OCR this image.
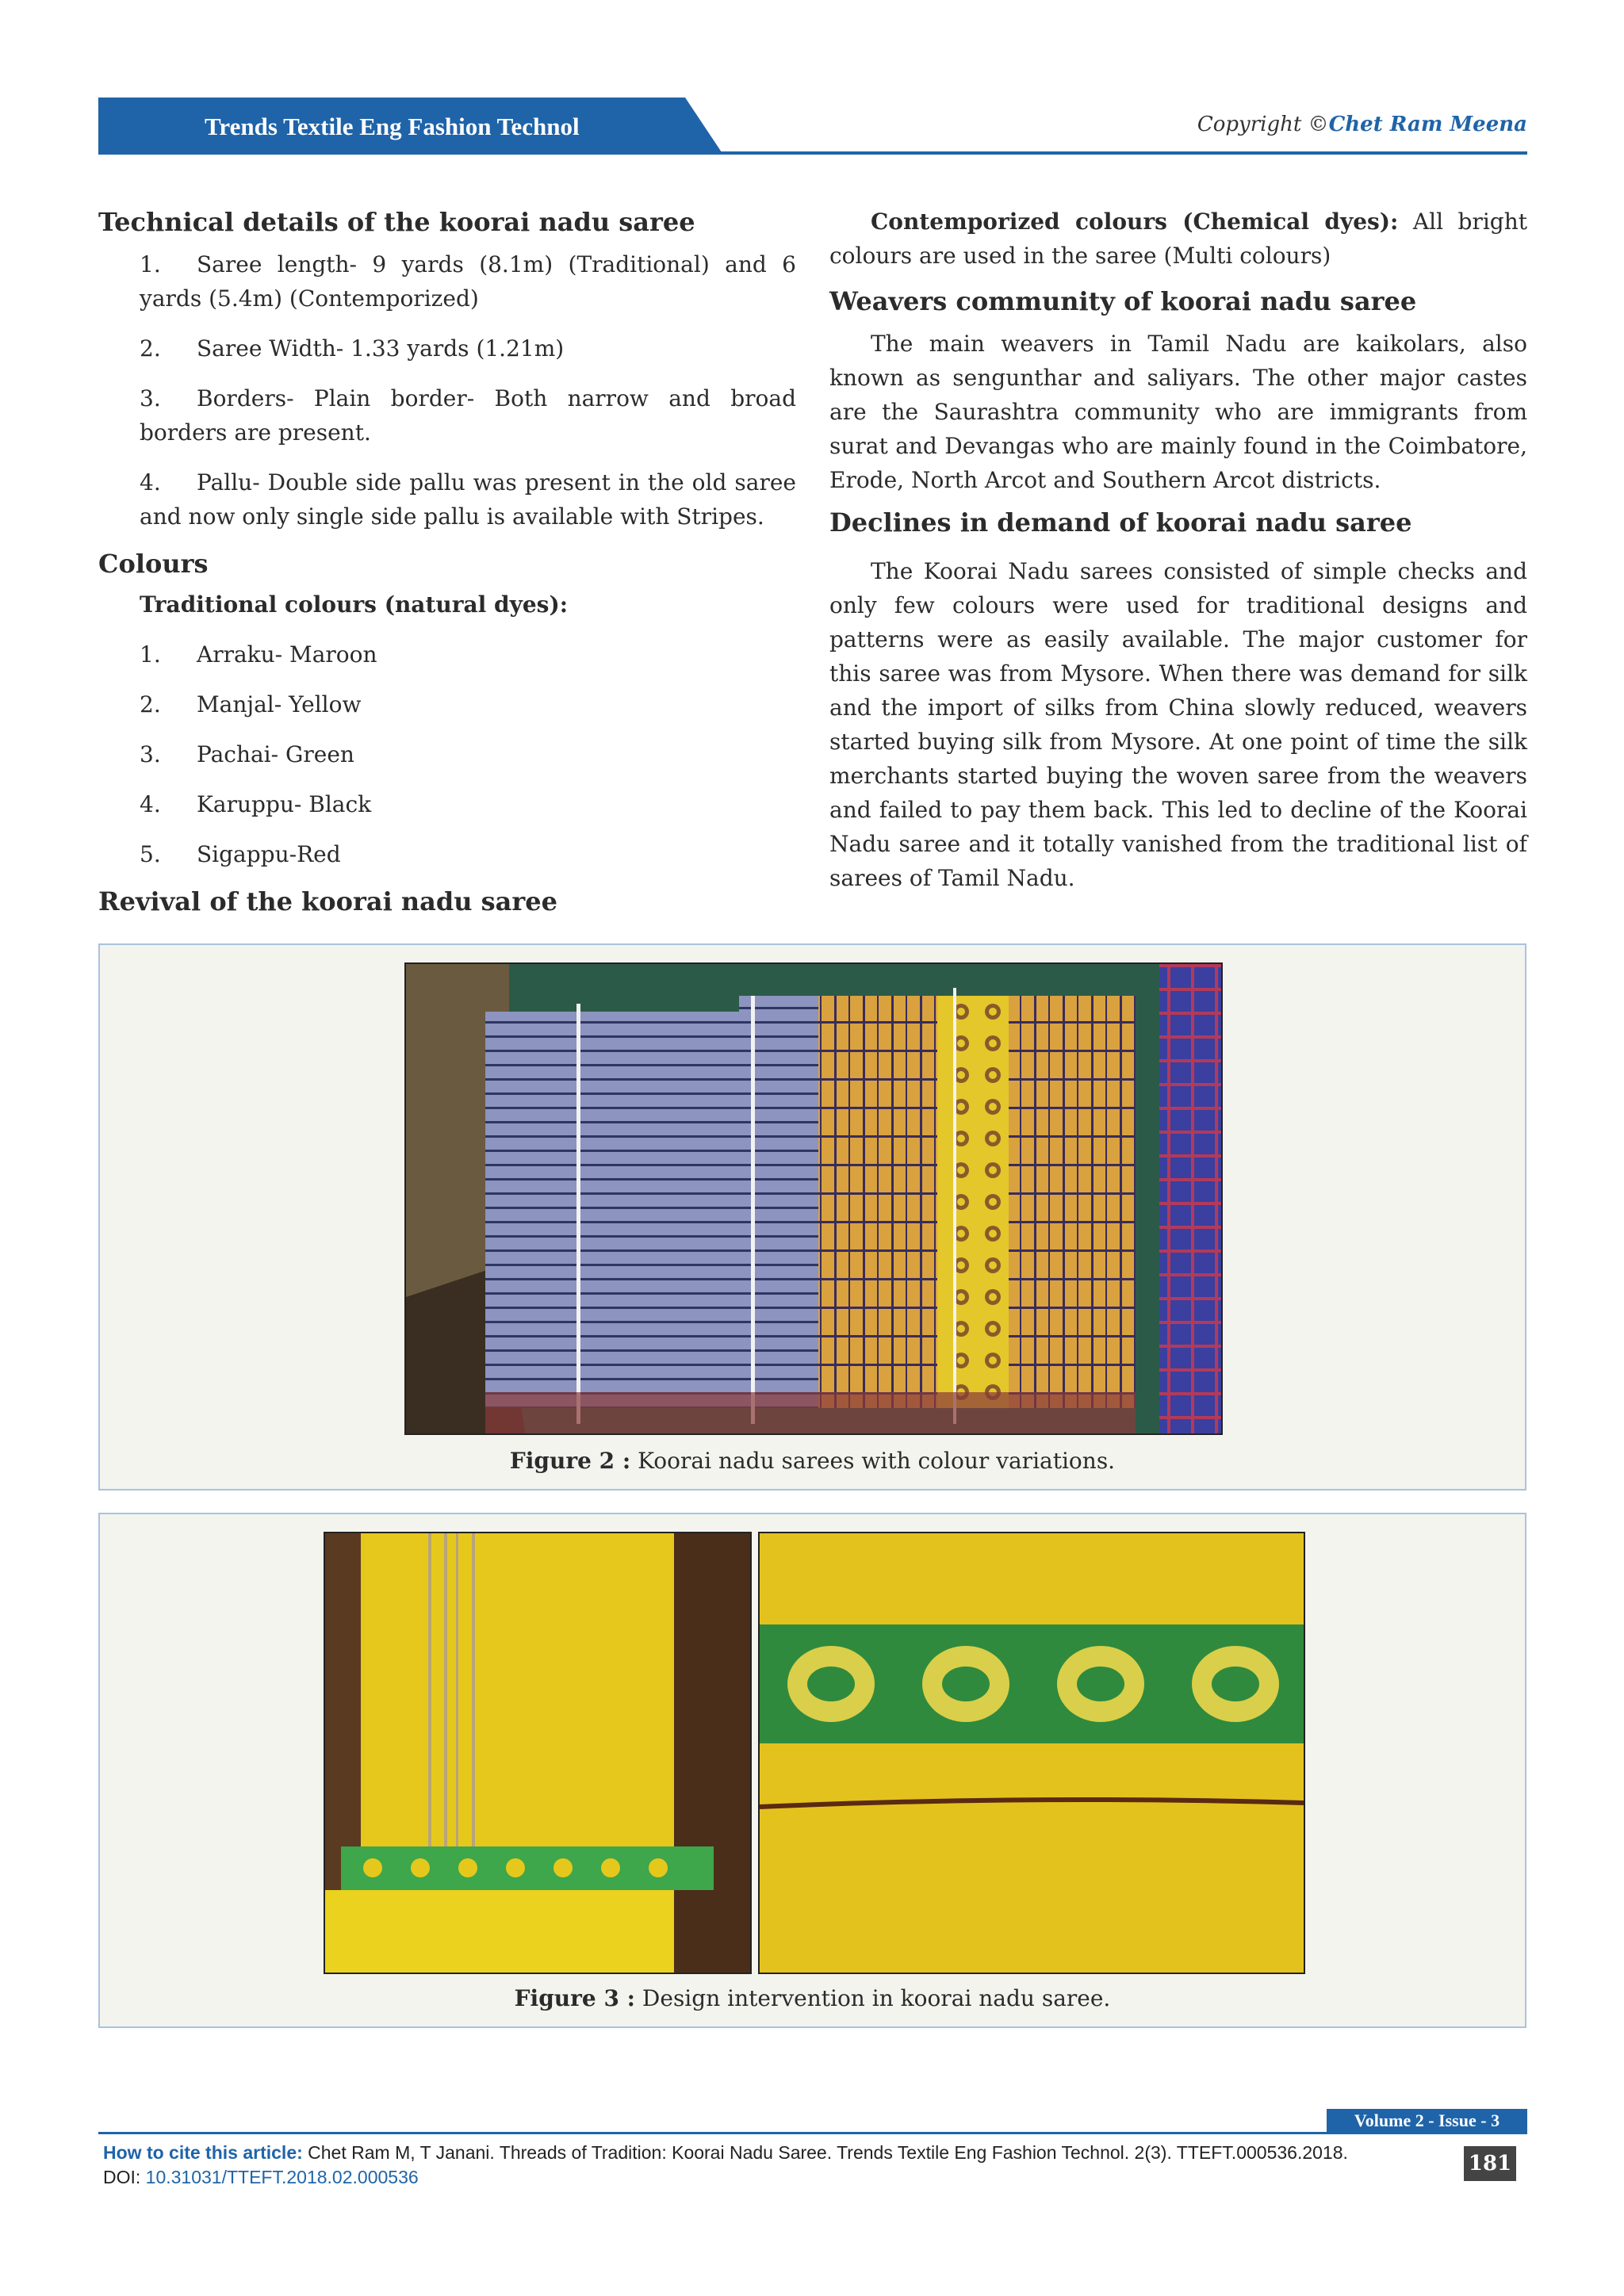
Trends Textile Eng Fashion Technol	Copyright ©Chet Ram Meena
Technical details of the koorai nadu saree

1. Saree length- 9 yards (8.1m) (Traditional) and 6 yards (5.4m) (Contemporized)

2. Saree Width- 1.33 yards (1.21m)

3. Borders- Plain border- Both narrow and broad borders are present.

4. Pallu- Double side pallu was present in the old saree and now only single side pallu is available with Stripes.

Colours

Traditional colours (natural dyes):

1. Arraku- Maroon

2. Manjal- Yellow

3. Pachai- Green

4. Karuppu- Black

5. Sigappu-Red

Revival of the koorai nadu saree

Contemporized colours (Chemical dyes): All bright colours are used in the saree (Multi colours)

Weavers community of koorai nadu saree

The main weavers in Tamil Nadu are kaikolars, also known as sengunthar and saliyars. The other major castes are the Saurashtra community who are immigrants from surat and Devangas who are mainly found in the Coimbatore, Erode, North Arcot and Southern Arcot districts.

Declines in demand of koorai nadu saree

The Koorai Nadu sarees consisted of simple checks and only few colours were used for traditional designs and patterns were as easily available. The major customer for this saree was from Mysore. When there was demand for silk and the import of silks from China slowly reduced, weavers started buying silk from Mysore. At one point of time the silk merchants started buying the woven saree from the weavers and failed to pay them back. This led to decline of the Koorai Nadu saree and it totally vanished from the traditional list of sarees of Tamil Nadu.

Figure 2 : Koorai nadu sarees with colour variations.
Figure 3 : Design intervention in koorai nadu saree.
Volume 2 - Issue - 3
How to cite this article: Chet Ram M, T Janani. Threads of Tradition: Koorai Nadu Saree. Trends Textile Eng Fashion Technol. 2(3). TTEFT.000536.2018.
DOI: 10.31031/TTEFT.2018.02.000536
181
